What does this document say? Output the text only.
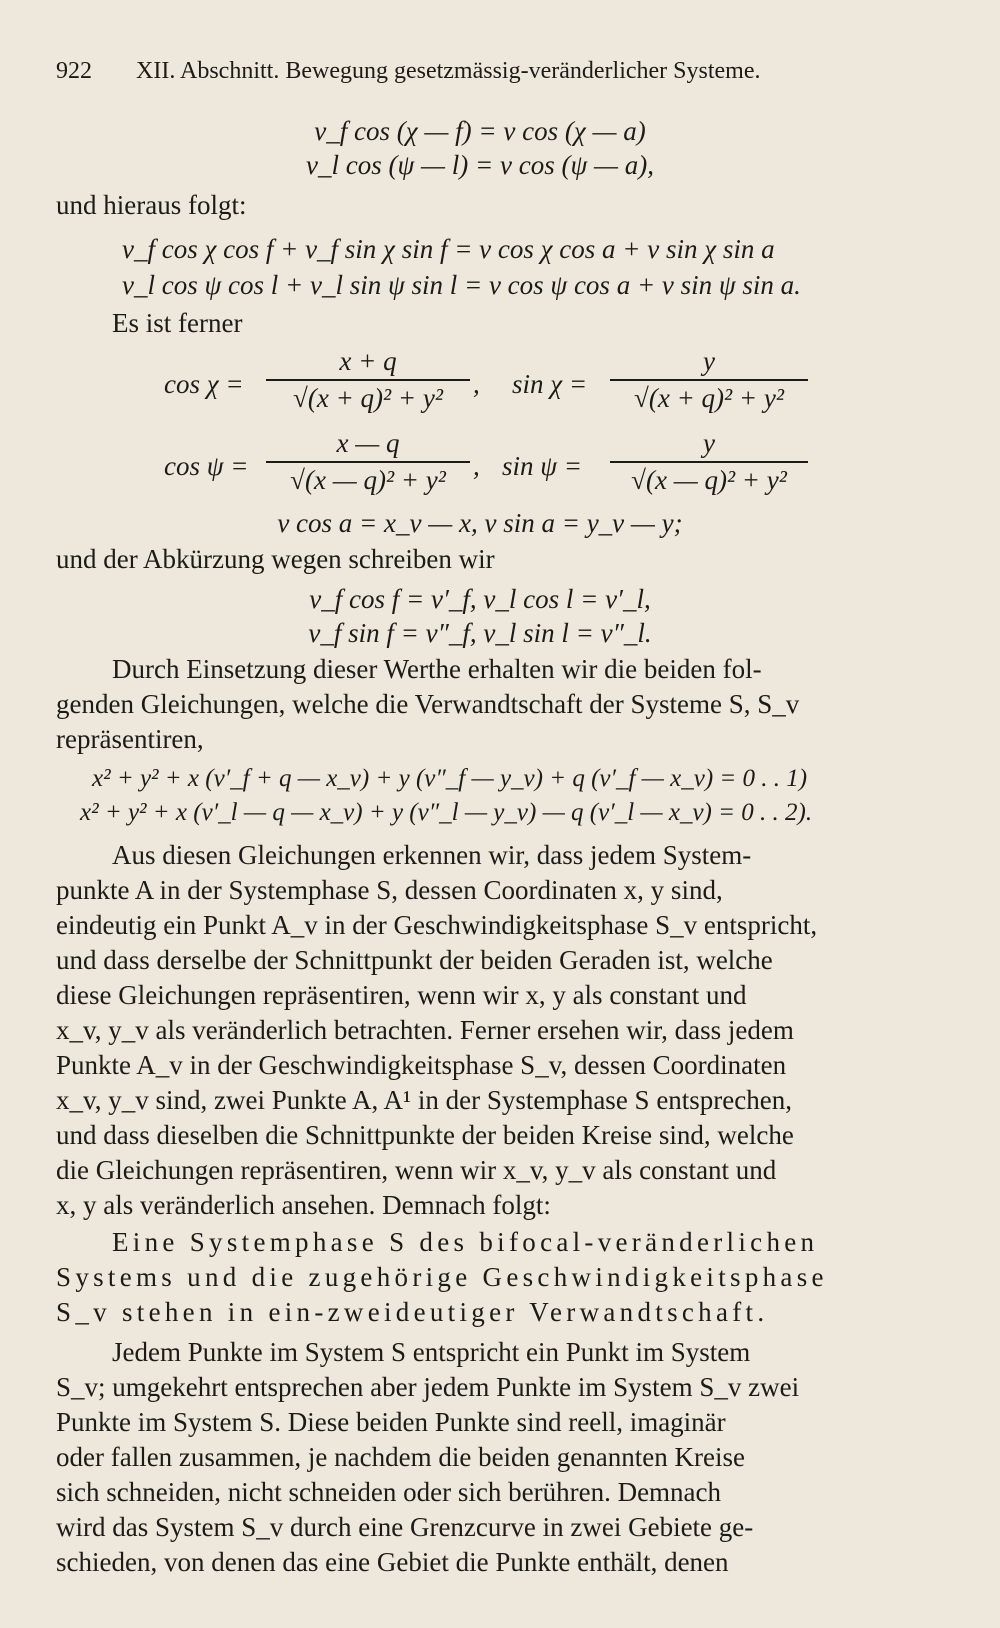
922 XII. Abschnitt. Bewegung gesetzmässig-veränderlicher Systeme.
v_f cos (χ — f) = v cos (χ — a)
v_l cos (ψ — l) = v cos (ψ — a),
und hieraus folgt:
v_f cos χ cos f + v_f sin χ sin f = v cos χ cos a + v sin χ sin a
v_l cos ψ cos l + v_l sin ψ sin l = v cos ψ cos a + v sin ψ sin a.
Es ist ferner
$\cos \chi = \frac{x + q}{\text{√(x + q)² + y²}}$ , $\sin \chi = \frac{y}{\text{√(x + q)² + y²}}$
$\cos \psi = \frac{x — q}{\text{√(x — q)² + y²}}$ , $\sin \psi = \frac{y}{\text{√(x — q)² + y²}}$
v cos a = x_v — x, v sin a = y_v — y;
und der Abkürzung wegen schreiben wir
v_f cos f = v′_f, v_l cos l = v′_l,
v_f sin f = v″_f, v_l sin l = v″_l.
Durch Einsetzung dieser Werthe erhalten wir die beiden fol-
genden Gleichungen, welche die Verwandtschaft der Systeme S, S_v
repräsentiren,
x² + y² + x (v′_f + q — x_v) + y (v″_f — y_v) + q (v′_f — x_v) = 0 . . 1)
x² + y² + x (v′_l — q — x_v) + y (v″_l — y_v) — q (v′_l — x_v) = 0 . . 2).
Aus diesen Gleichungen erkennen wir, dass jedem System-
punkte A in der Systemphase S, dessen Coordinaten x, y sind,
eindeutig ein Punkt A_v in der Geschwindigkeitsphase S_v entspricht,
und dass derselbe der Schnittpunkt der beiden Geraden ist, welche
diese Gleichungen repräsentiren, wenn wir x, y als constant und
x_v, y_v als veränderlich betrachten. Ferner ersehen wir, dass jedem
Punkte A_v in der Geschwindigkeitsphase S_v, dessen Coordinaten
x_v, y_v sind, zwei Punkte A, A¹ in der Systemphase S entsprechen,
und dass dieselben die Schnittpunkte der beiden Kreise sind, welche
die Gleichungen repräsentiren, wenn wir x_v, y_v als constant und
x, y als veränderlich ansehen. Demnach folgt:
Eine Systemphase S des bifocal-veränderlichen
Systems und die zugehörige Geschwindigkeitsphase
S_v stehen in ein-zweideutiger Verwandtschaft.
Jedem Punkte im System S entspricht ein Punkt im System
S_v; umgekehrt entsprechen aber jedem Punkte im System S_v zwei
Punkte im System S. Diese beiden Punkte sind reell, imaginär
oder fallen zusammen, je nachdem die beiden genannten Kreise
sich schneiden, nicht schneiden oder sich berühren. Demnach
wird das System S_v durch eine Grenzcurve in zwei Gebiete ge-
schieden, von denen das eine Gebiet die Punkte enthält, denen
